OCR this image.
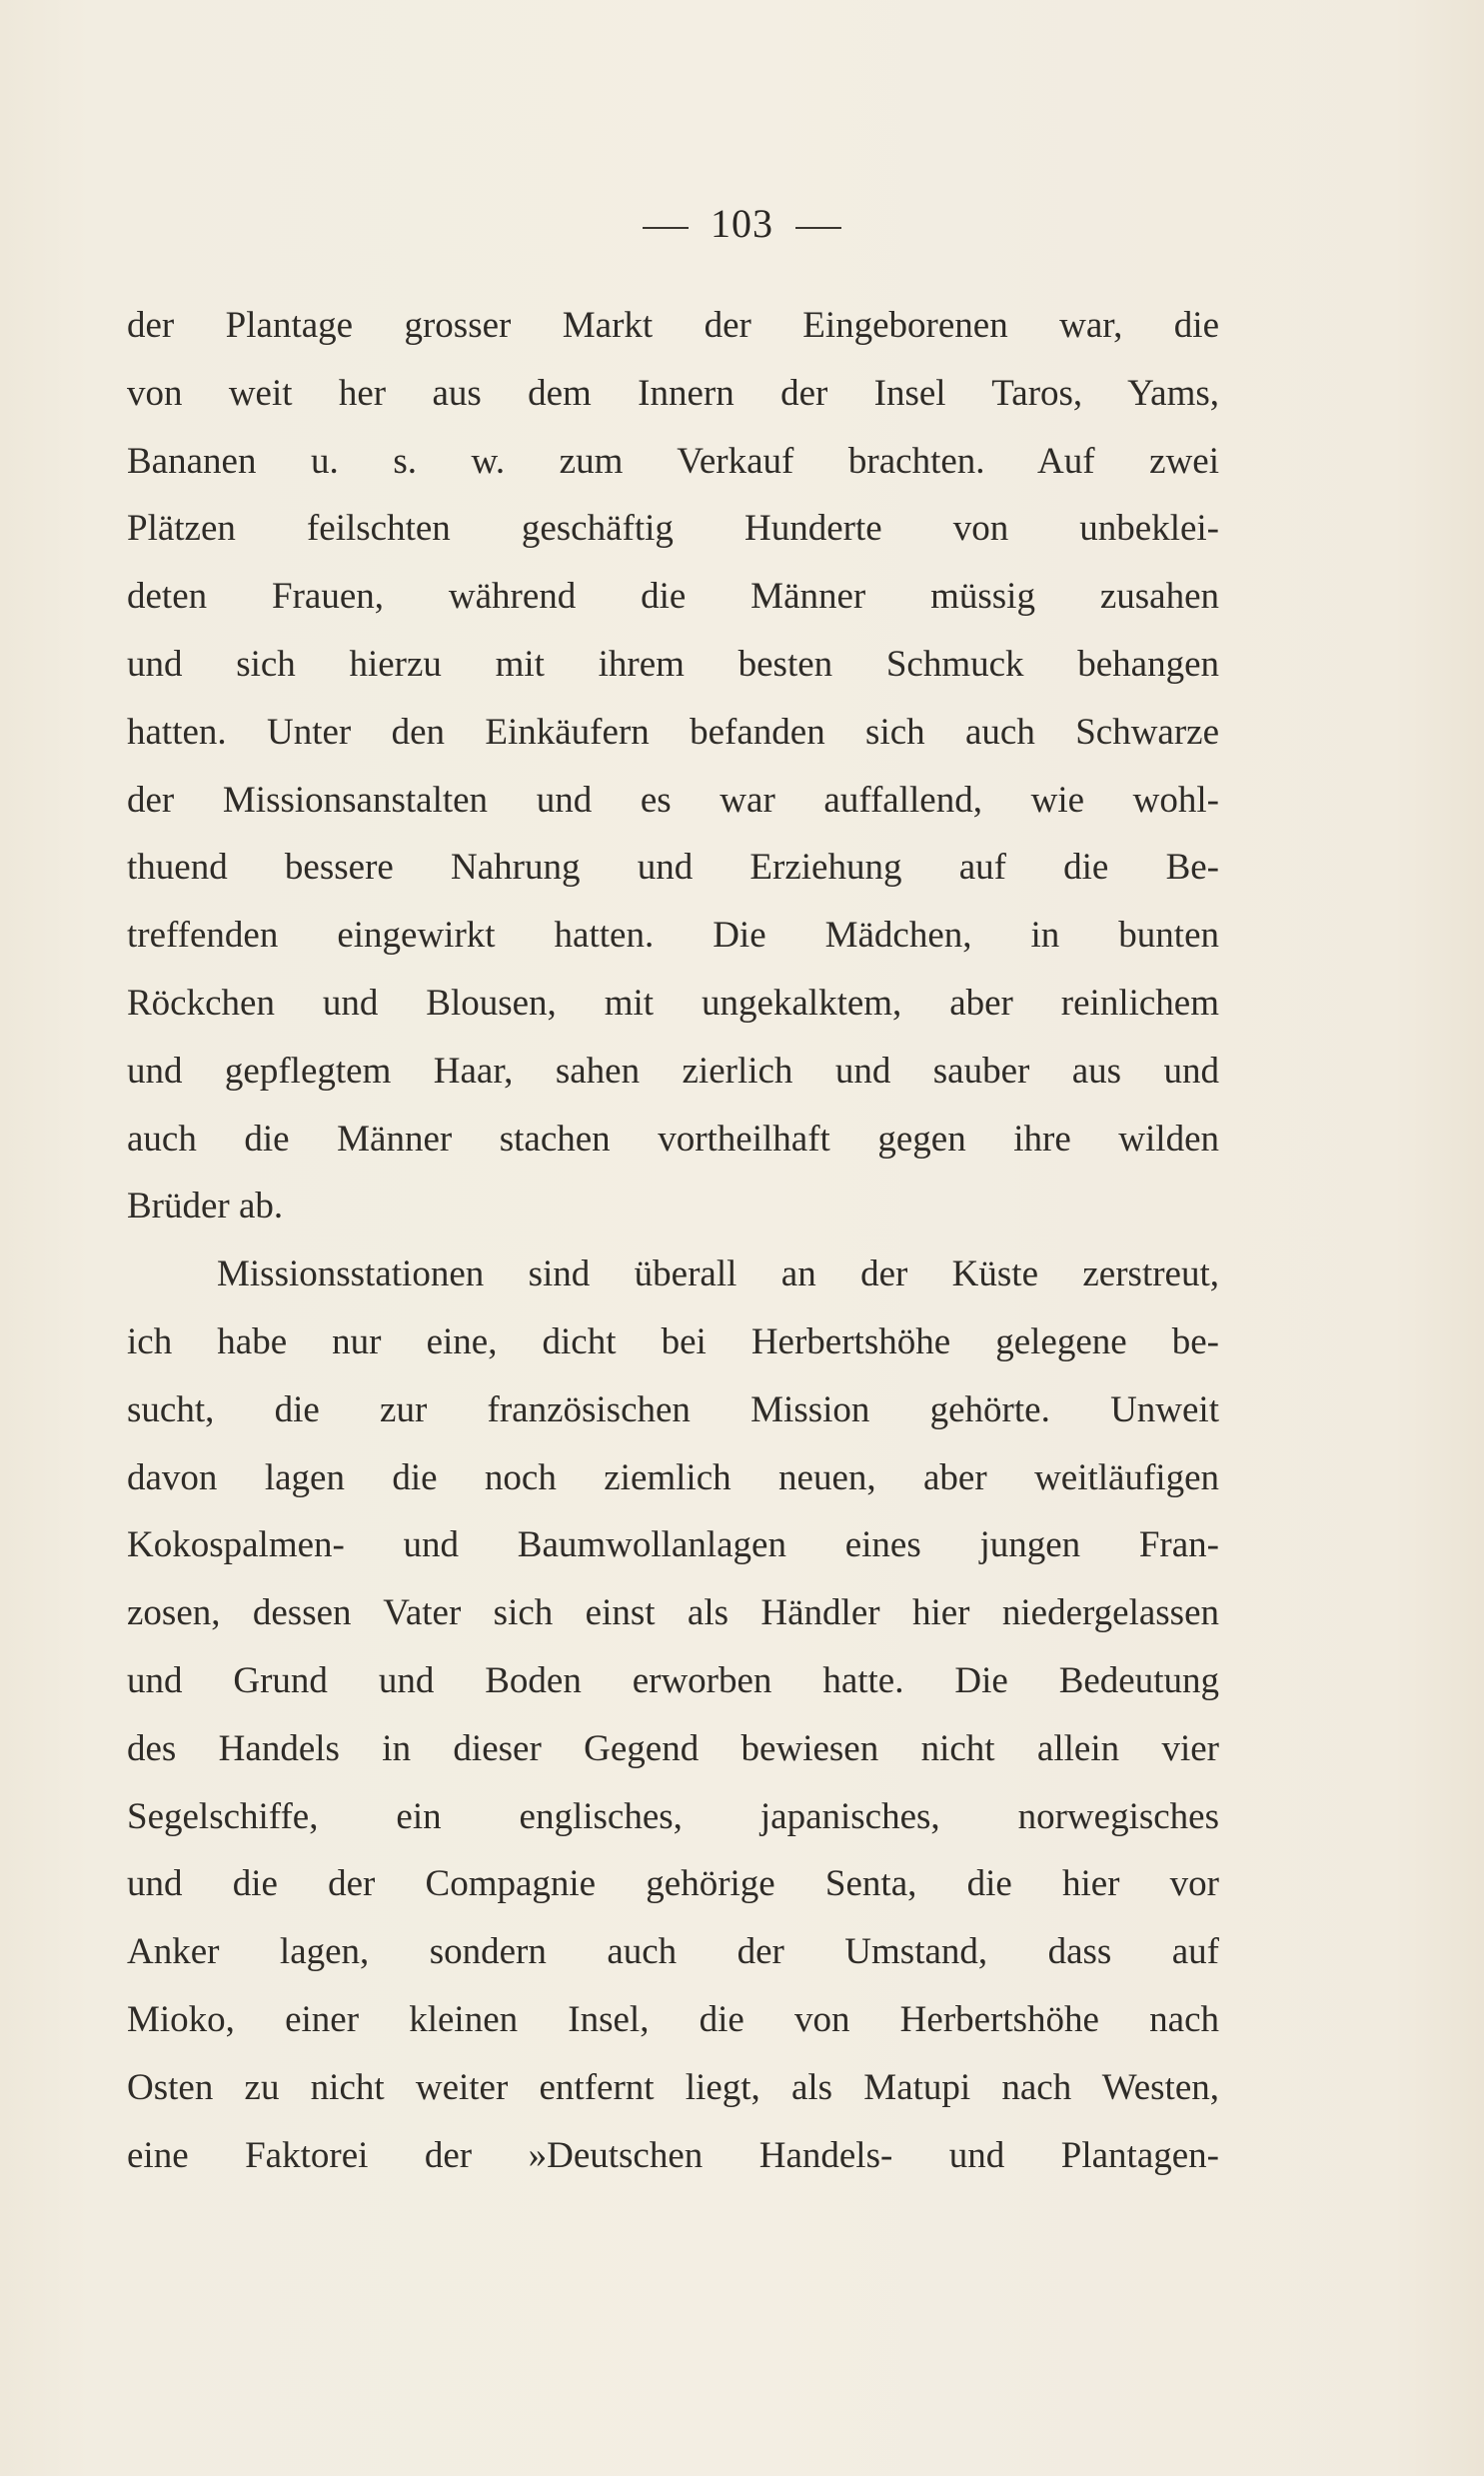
103
der Plantage grosser Markt der Eingeborenen war, die
von weit her aus dem Innern der Insel Taros, Yams,
Bananen u. s. w. zum Verkauf brachten. Auf zwei
Plätzen feilschten geschäftig Hunderte von unbeklei-
deten Frauen, während die Männer müssig zusahen
und sich hierzu mit ihrem besten Schmuck behangen
hatten. Unter den Einkäufern befanden sich auch Schwarze
der Missionsanstalten und es war auffallend, wie wohl-
thuend bessere Nahrung und Erziehung auf die Be-
treffenden eingewirkt hatten. Die Mädchen, in bunten
Röckchen und Blousen, mit ungekalktem, aber reinlichem
und gepflegtem Haar, sahen zierlich und sauber aus und
auch die Männer stachen vortheilhaft gegen ihre wilden
Brüder ab.
Missionsstationen sind überall an der Küste zerstreut,
ich habe nur eine, dicht bei Herbertshöhe gelegene be-
sucht, die zur französischen Mission gehörte. Unweit
davon lagen die noch ziemlich neuen, aber weitläufigen
Kokospalmen- und Baumwollanlagen eines jungen Fran-
zosen, dessen Vater sich einst als Händler hier niedergelassen
und Grund und Boden erworben hatte. Die Bedeutung
des Handels in dieser Gegend bewiesen nicht allein vier
Segelschiffe, ein englisches, japanisches, norwegisches
und die der Compagnie gehörige Senta, die hier vor
Anker lagen, sondern auch der Umstand, dass auf
Mioko, einer kleinen Insel, die von Herbertshöhe nach
Osten zu nicht weiter entfernt liegt, als Matupi nach Westen,
eine Faktorei der »Deutschen Handels- und Plantagen-
